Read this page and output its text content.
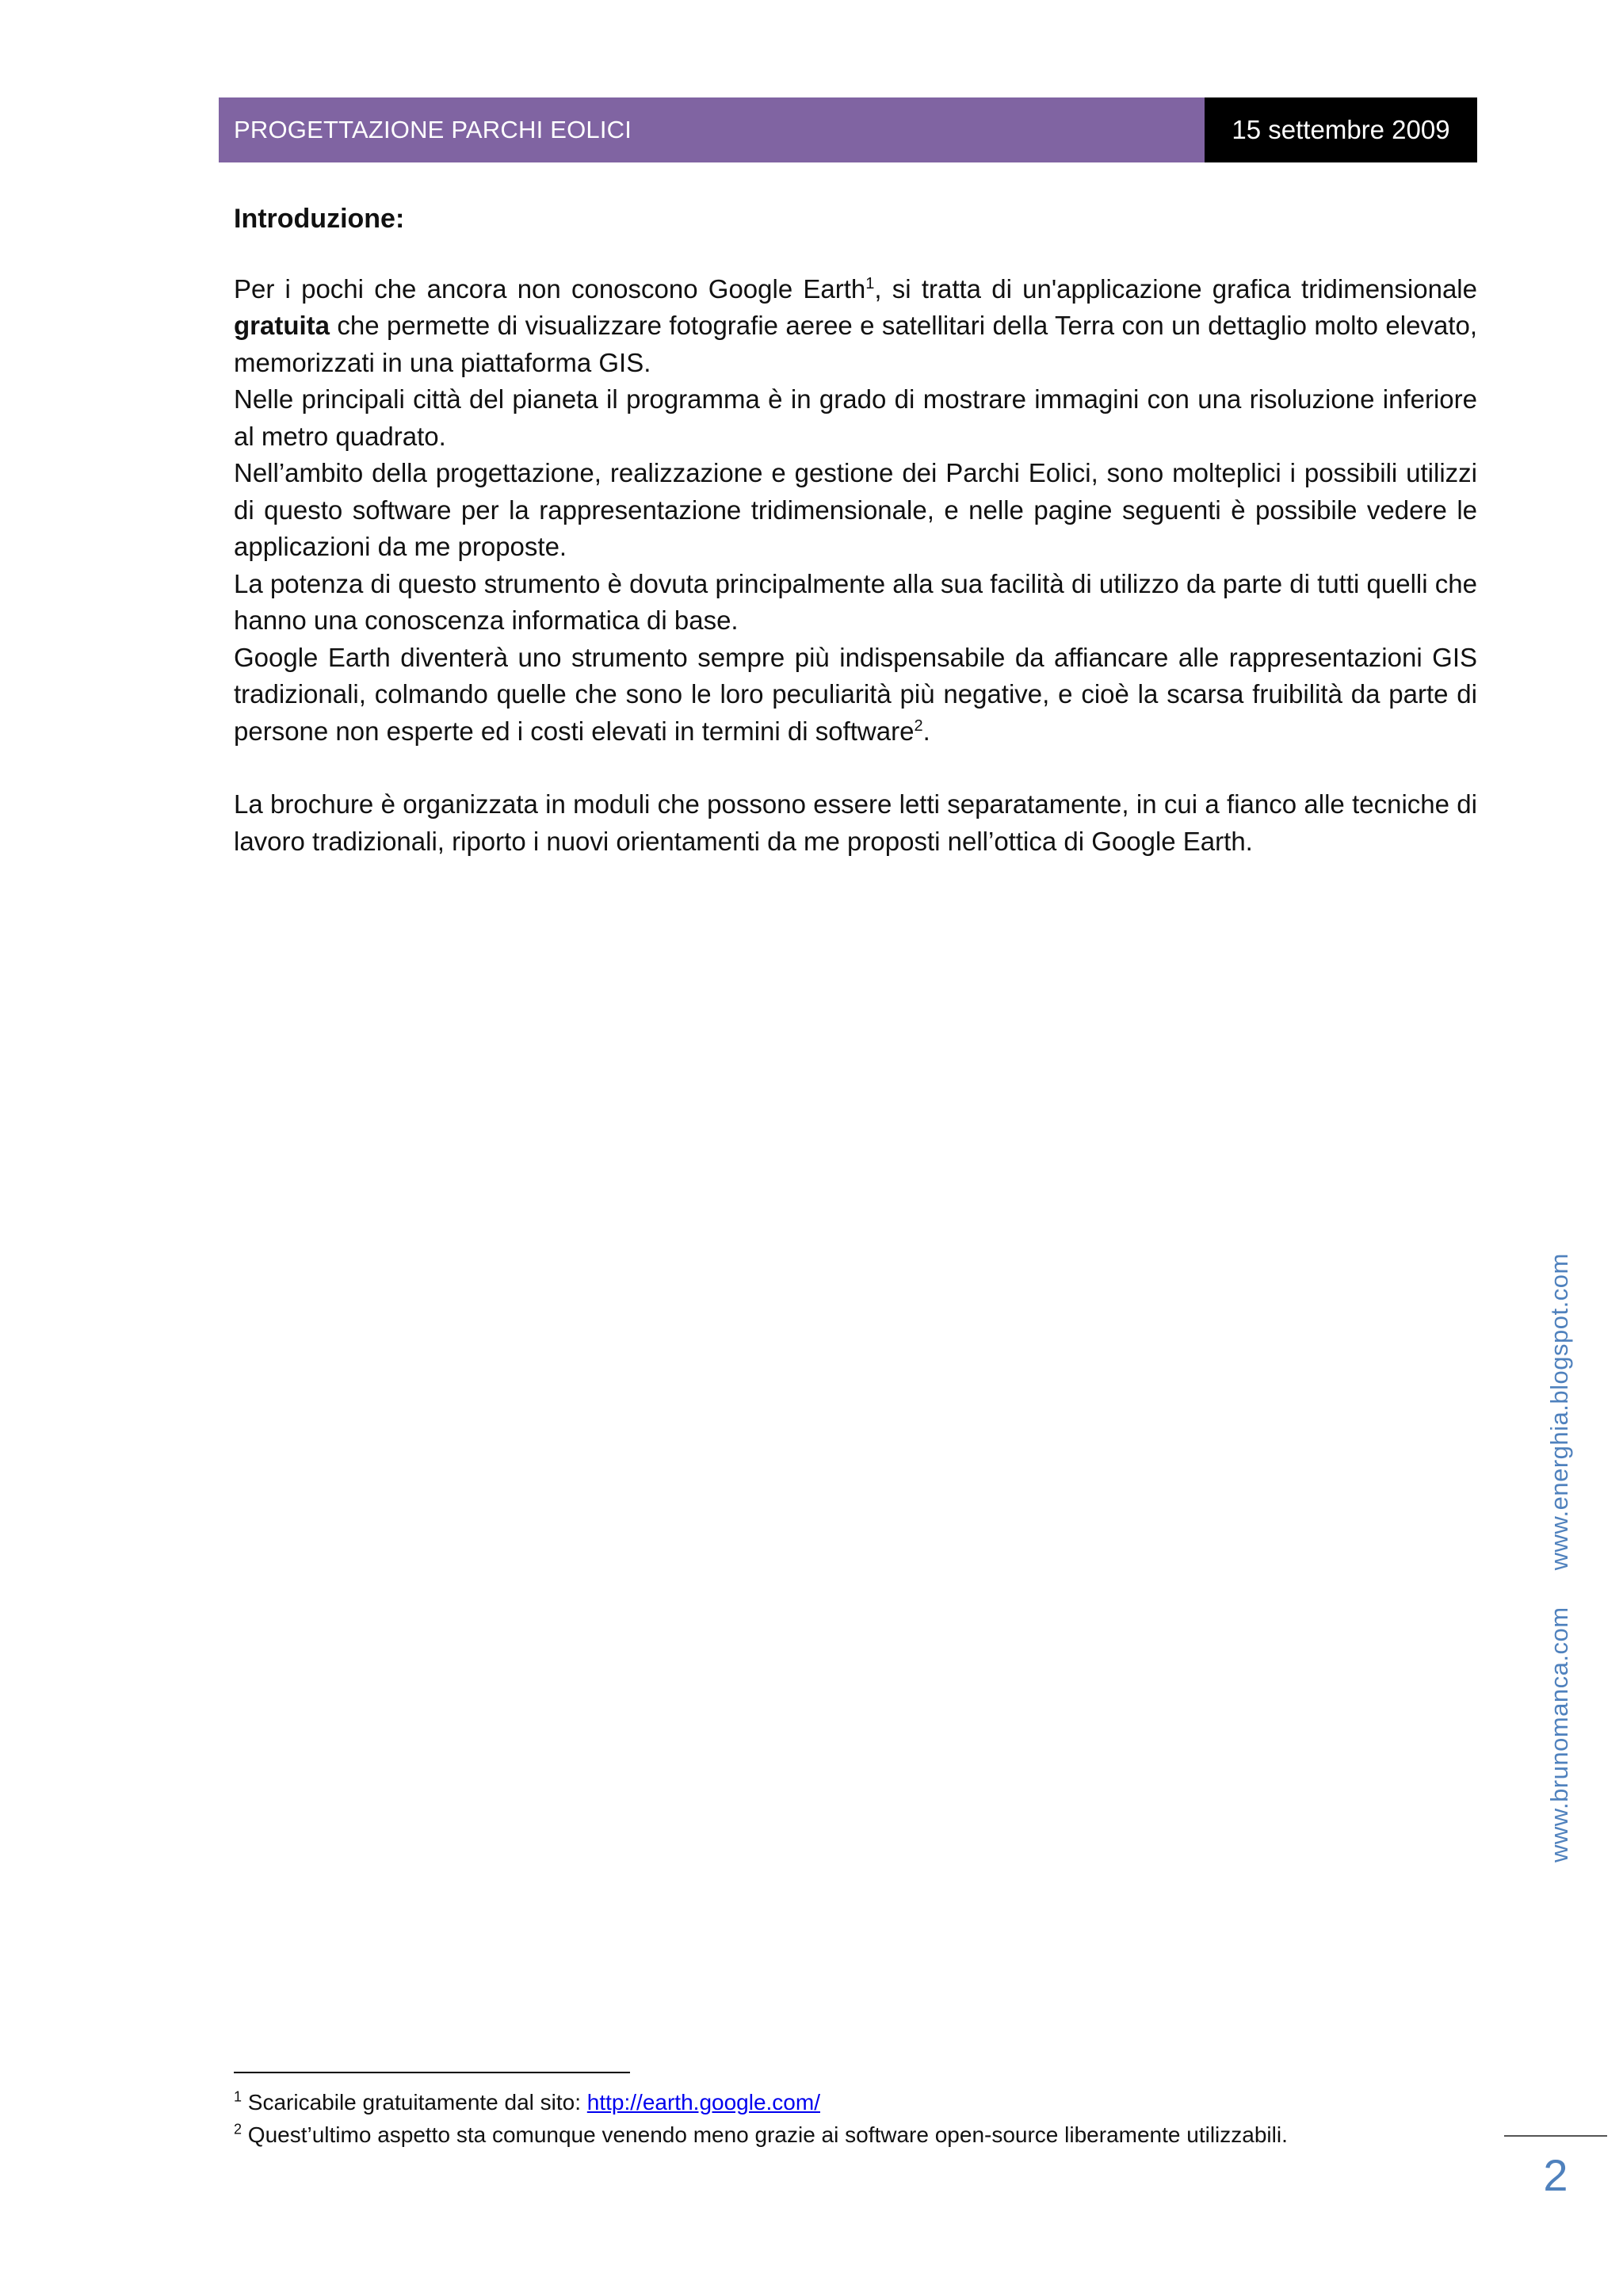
PROGETTAZIONE PARCHI EOLICI	15 settembre 2009

Introduzione:

Per i pochi che ancora non conoscono Google Earth$^1$, si tratta di un'applicazione grafica tridimensionale gratuita che permette di visualizzare fotografie aeree e satellitari della Terra con un dettaglio molto elevato, memorizzati in una piattaforma GIS.

Nelle principali città del pianeta il programma è in grado di mostrare immagini con una risoluzione inferiore al metro quadrato.

Nell’ambito della progettazione, realizzazione e gestione dei Parchi Eolici, sono molteplici i possibili utilizzi di questo software per la rappresentazione tridimensionale, e nelle pagine seguenti è possibile vedere le applicazioni da me proposte.

La potenza di questo strumento è dovuta principalmente alla sua facilità di utilizzo da parte di tutti quelli che hanno una conoscenza informatica di base.

Google Earth diventerà uno strumento sempre più indispensabile da affiancare alle rappresentazioni GIS tradizionali, colmando quelle che sono le loro peculiarità più negative, e cioè la scarsa fruibilità da parte di persone non esperte ed i costi elevati in termini di software$^2$.

La brochure è organizzata in moduli che possono essere letti separatamente, in cui a fianco alle tecniche di lavoro tradizionali, riporto i nuovi orientamenti da me proposti nell’ottica di Google Earth.

www.brunomanca.comwww.energhia.blogspot.com

$^1$ Scaricabile gratuitamente dal sito: http://earth.google.com/

$^2$ Quest’ultimo aspetto sta comunque venendo meno grazie ai software open-source liberamente utilizzabili.

2
